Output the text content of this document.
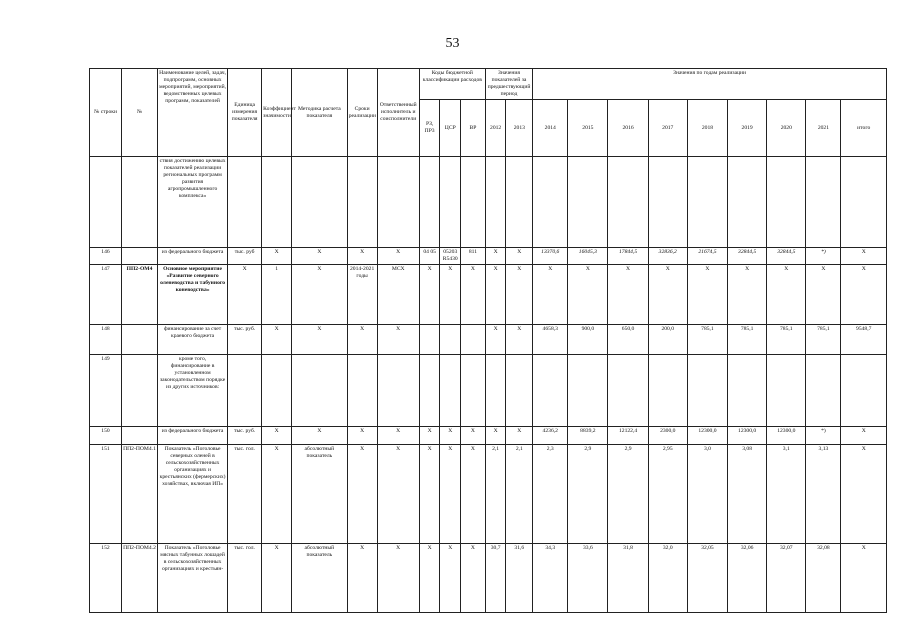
53
№ строки	№	Наименование целей, задач, подпрограмм, основных мероприятий, мероприятий, ведомственных целевых программ, показателей	Единица измерения показателя	Коэффициент значимости	Методика расчета показателя	Сроки реализации	Ответственный исполнитель и соисполнители	Коды бюджетной классификации расходов			Значения показателей за предшествующий период		Значения по годам реализации								
								РЗ, ПР3	ЦСР	ВР	2012	2013	2014	2015	2016	2017	2018	2019	2020	2021	итого
		ствия достижению целевых показателей реализации региональных программ развития агропромышленного комплекса»																			
146		из федерального бюджета	тыс. руб	Х	Х	Х	Х	04 05	05203 R5430	811	Х	Х	13370,6	16045,3	17844,5	32836,2	21674,5	32844,5	32844,5	*)	Х
147	ПП2-ОМ4	Основное мероприятие «Развитие северного оленеводства и табунного коневодства»	Х	1	Х	2014-2021 годы	МСХ	Х	Х	Х	Х	Х	Х	Х	Х	Х	Х	Х	Х	Х	Х
148		финансирование за счет краевого бюджета	тыс. руб.	Х	Х	Х	Х				Х	Х	4658,3	900,0	650,0	200,0	785,1	785,1	785,1	785,1	9548,7
149		кроме того, финансирование в установленном законодательством порядке из других источников:																			
150		из федерального бюджета	тыс. руб.	Х	Х	Х	Х	Х	Х	Х	Х	Х	4236,2	8839,2	12122,4	2300,0	12300,0	12300,0	12300,0	*)	Х
151	ПП2-ПОМ4.1	Показатель «Поголовье северных оленей в сельскохозяйственных организациях и крестьянских (фермерских) хозяйствах, включая ИП»	тыс. гол.	Х	абсолютный показатель	Х	Х	Х	Х	Х	2,1	2,1	2,3	2,9	2,9	2,95	3,0	3,08	3,1	3,13	Х
152	ПП2-ПОМ4.2	Показатель «Поголовье мясных табунных лошадей в сельскохозяйственных организациях и крестьян-	тыс. гол.	Х	абсолютный показатель	Х	Х	Х	Х	Х	30,7	31,6	34,3	33,6	31,8	32,0	32,05	32,06	32,07	32,08	Х
